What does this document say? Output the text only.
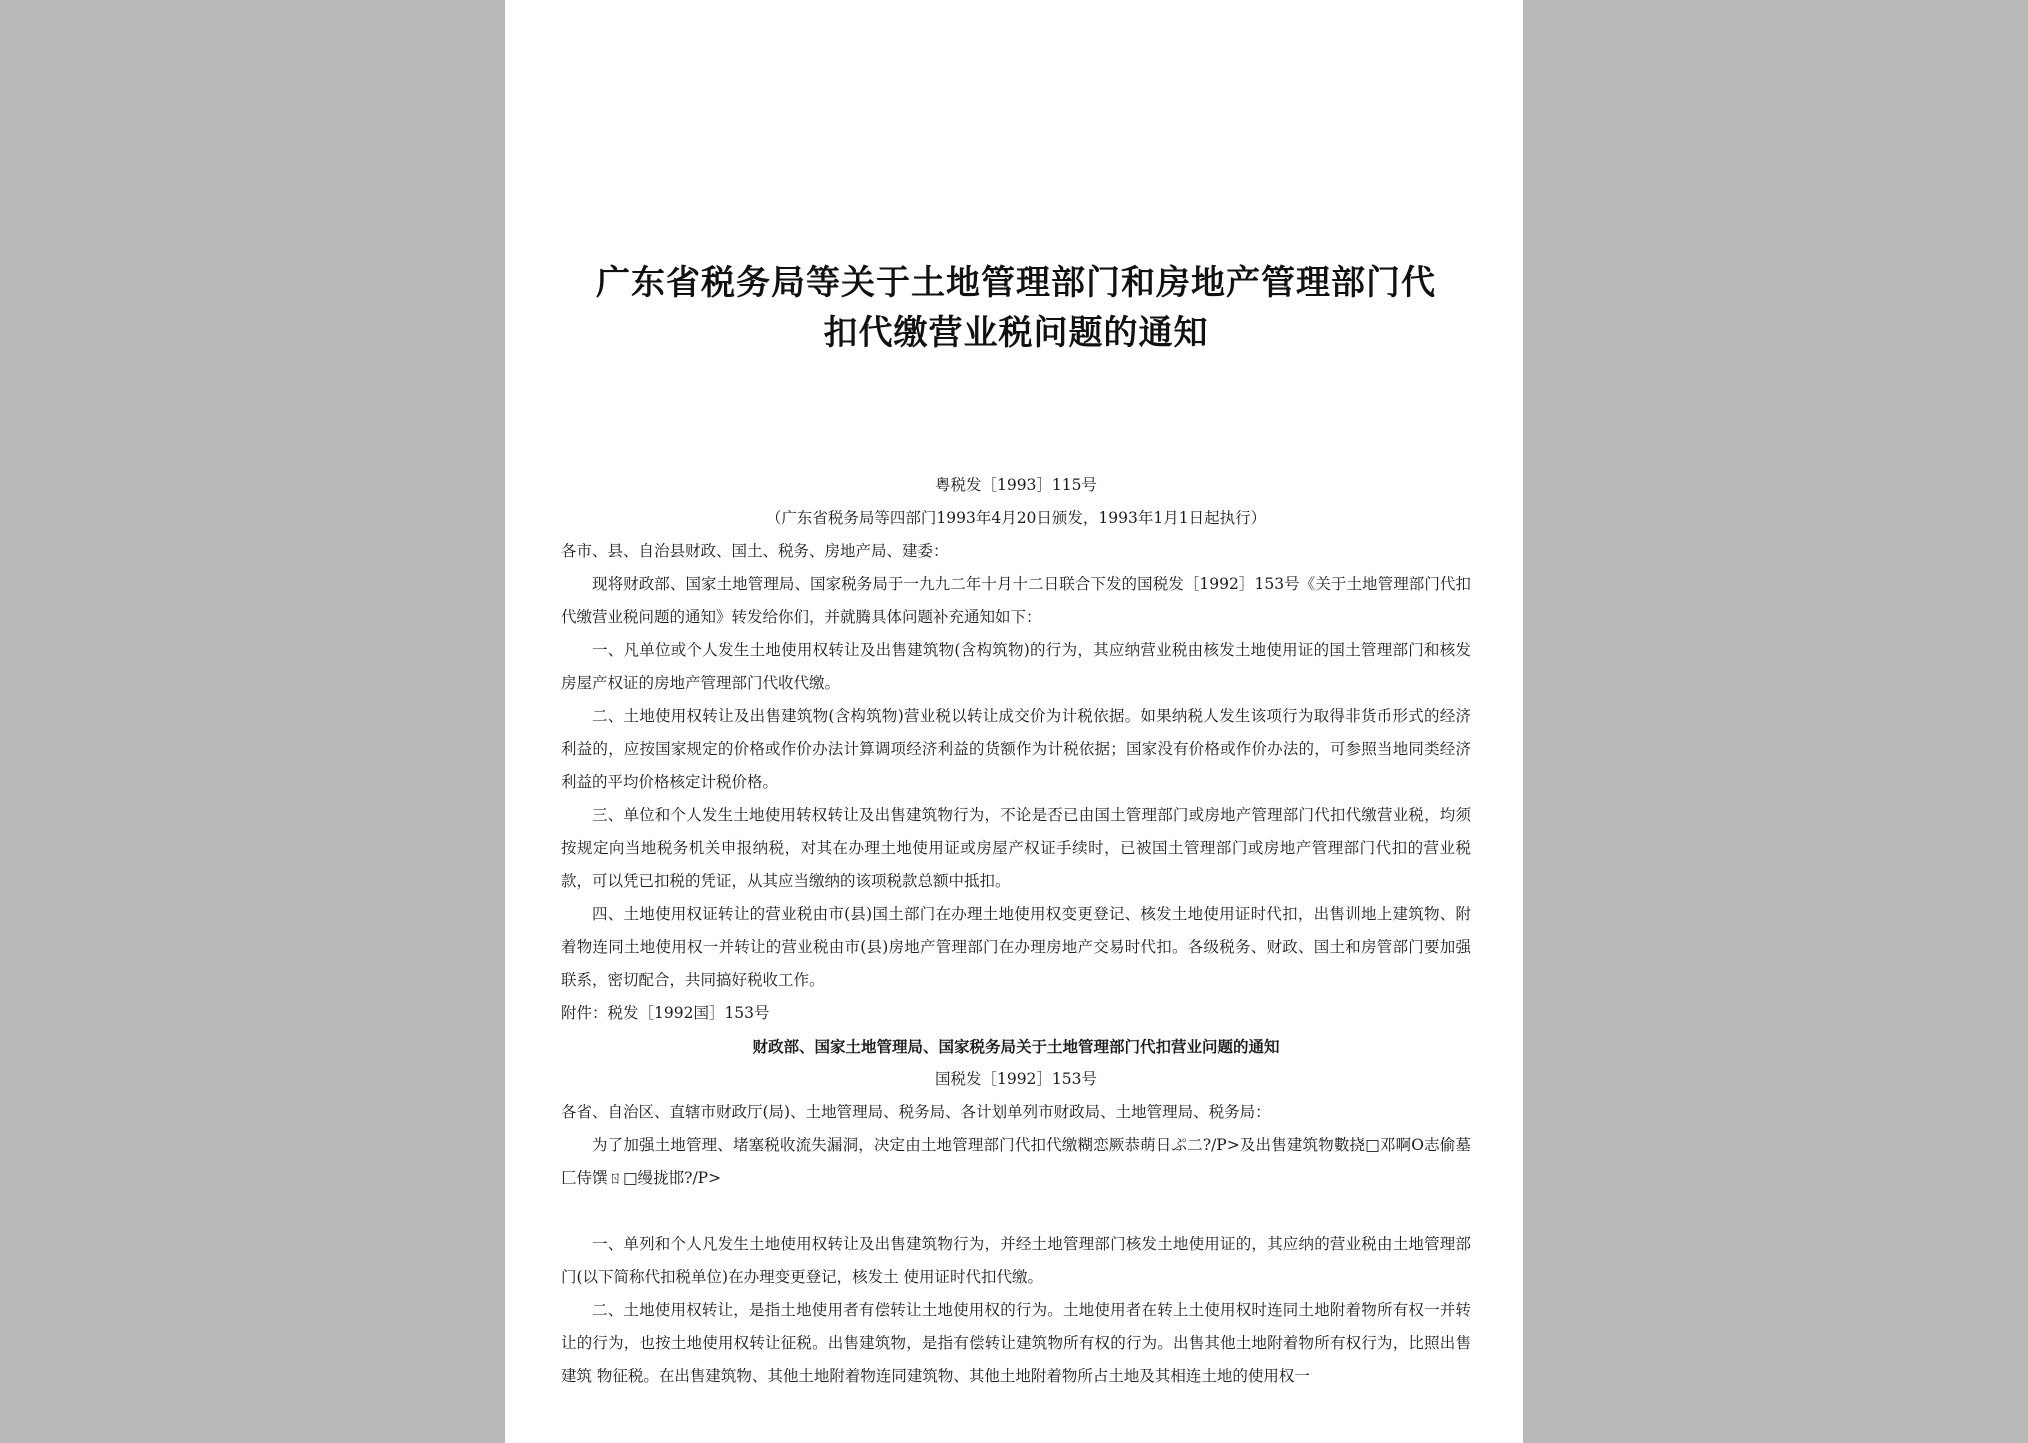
广东省税务局等关于土地管理部门和房地产管理部门代
扣代缴营业税问题的通知

粤税发［1993］115号

（广东省税务局等四部门1993年4月20日颁发，1993年1月1日起执行）

各市、县、自治县财政、国土、税务、房地产局、建委：

现将财政部、国家土地管理局、国家税务局于一九九二年十月十二日联合下发的国税发［1992］153号《关于土地管理部门代扣代缴营业税问题的通知》转发给你们，并就腾具体问题补充通知如下：

一、凡单位或个人发生土地使用权转让及出售建筑物(含构筑物)的行为，其应纳营业税由核发土地使用证的国土管理部门和核发房屋产权证的房地产管理部门代收代缴。

二、土地使用权转让及出售建筑物(含构筑物)营业税以转让成交价为计税依据。如果纳税人发生该项行为取得非货币形式的经济利益的，应按国家规定的价格或作价办法计算调项经济利益的货额作为计税依据；国家没有价格或作价办法的，可参照当地同类经济利益的平均价格核定计税价格。

三、单位和个人发生土地使用转权转让及出售建筑物行为，不论是否已由国土管理部门或房地产管理部门代扣代缴营业税，均须按规定向当地税务机关申报纳税，对其在办理土地使用证或房屋产权证手续时，已被国土管理部门或房地产管理部门代扣的营业税款，可以凭已扣税的凭证，从其应当缴纳的该项税款总额中抵扣。

四、土地使用权证转让的营业税由市(县)国土部门在办理土地使用权变更登记、核发土地使用证时代扣，出售训地上建筑物、附着物连同土地使用权一并转让的营业税由市(县)房地产管理部门在办理房地产交易时代扣。各级税务、财政、国土和房管部门要加强联系，密切配合，共同搞好税收工作。

附件：税发［1992国］153号

财政部、国家土地管理局、国家税务局关于土地管理部门代扣营业问题的通知

国税发［1992］153号

各省、自治区、直辖市财政厅(局)、土地管理局、税务局、各计划单列市财政局、土地管理局、税务局：

为了加强土地管理、堵塞税收流失漏洞，决定由土地管理部门代扣代缴糊恋厥恭萌日ぷ二?/P>及出售建筑物數挠□邓啊O志偷墓匚侍馔ㄖ□缦拢邯?/P>

一、单列和个人凡发生土地使用权转让及出售建筑物行为，并经土地管理部门核发土地使用证的，其应纳的营业税由土地管理部门(以下简称代扣税单位)在办理变更登记，核发土 使用证时代扣代缴。

二、土地使用权转让，是指土地使用者有偿转让土地使用权的行为。土地使用者在转上土使用权时连同土地附着物所有权一并转让的行为，也按土地使用权转让征税。出售建筑物，是指有偿转让建筑物所有权的行为。出售其他土地附着物所有权行为，比照出售建筑 物征税。在出售建筑物、其他土地附着物连同建筑物、其他土地附着物所占土地及其相连土地的使用权一
